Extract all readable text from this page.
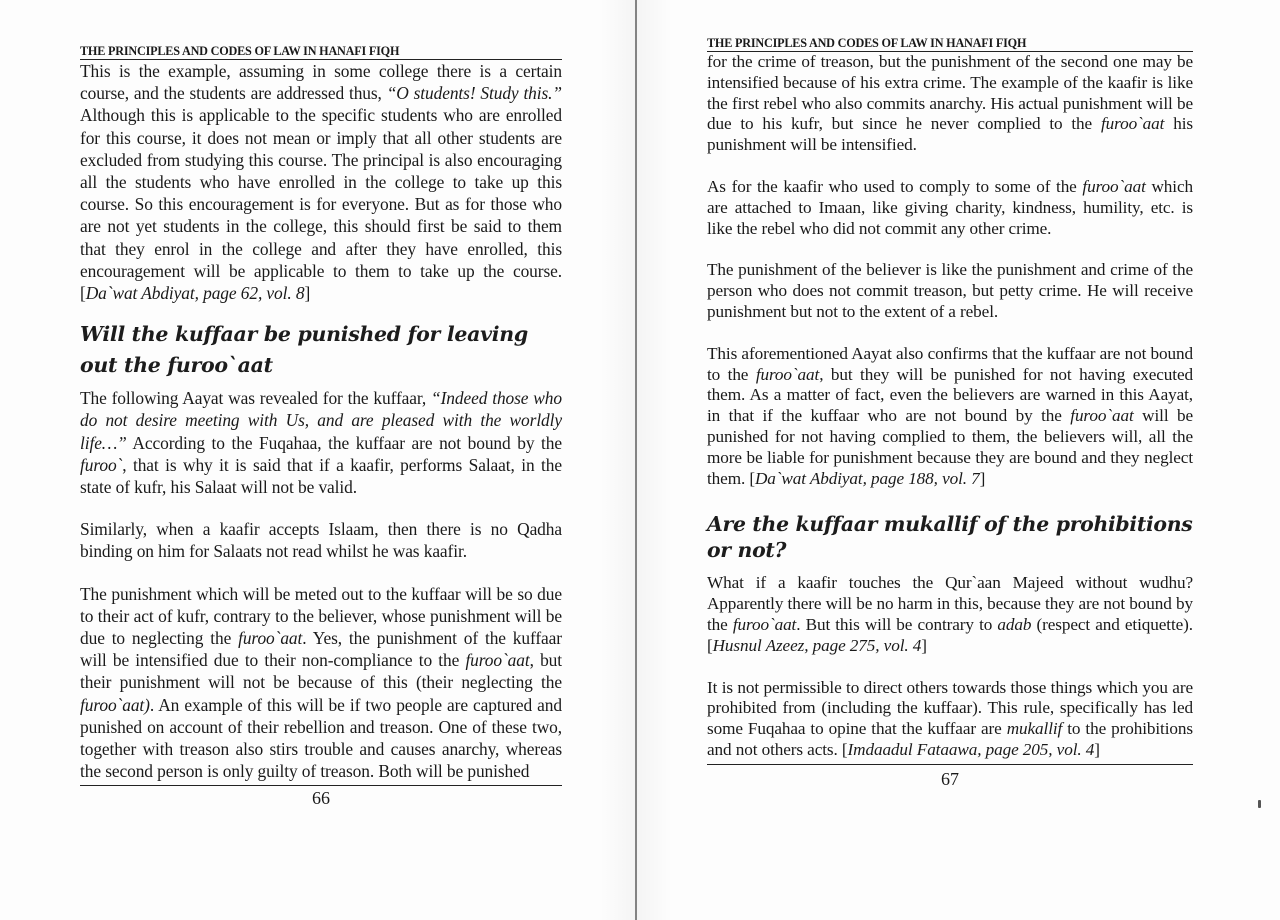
THE PRINCIPLES AND CODES OF LAW IN HANAFI FIQH

This is the example, assuming in some college there is a certain course, and the students are addressed thus, “O students! Study this.” Although this is applicable to the specific students who are enrolled for this course, it does not mean or imply that all other students are excluded from studying this course. The principal is also encouraging all the students who have enrolled in the college to take up this course. So this encouragement is for everyone. But as for those who are not yet students in the college, this should first be said to them that they enrol in the college and after they have enrolled, this encouragement will be applicable to them to take up the course. [Da`wat Abdiyat, page 62, vol. 8]

Will the kuffaar be punished for leaving out the furoo`aat

The following Aayat was revealed for the kuffaar, “Indeed those who do not desire meeting with Us, and are pleased with the worldly life…” According to the Fuqahaa, the kuffaar are not bound by the furoo`, that is why it is said that if a kaafir, performs Salaat, in the state of kufr, his Salaat will not be valid.

Similarly, when a kaafir accepts Islaam, then there is no Qadha binding on him for Salaats not read whilst he was kaafir.

The punishment which will be meted out to the kuffaar will be so due to their act of kufr, contrary to the believer, whose punishment will be due to neglecting the furoo`aat. Yes, the punishment of the kuffaar will be intensified due to their non-compliance to the furoo`aat, but their punishment will not be because of this (their neglecting the furoo`aat). An example of this will be if two people are captured and punished on account of their rebellion and treason. One of these two, together with treason also stirs trouble and causes anarchy, whereas the second person is only guilty of treason. Both will be punished

66
THE PRINCIPLES AND CODES OF LAW IN HANAFI FIQH

for the crime of treason, but the punishment of the second one may be intensified because of his extra crime. The example of the kaafir is like the first rebel who also commits anarchy. His actual punishment will be due to his kufr, but since he never complied to the furoo`aat his punishment will be intensified.

As for the kaafir who used to comply to some of the furoo`aat which are attached to Imaan, like giving charity, kindness, humility, etc. is like the rebel who did not commit any other crime.

The punishment of the believer is like the punishment and crime of the person who does not commit treason, but petty crime. He will receive punishment but not to the extent of a rebel.

This aforementioned Aayat also confirms that the kuffaar are not bound to the furoo`aat, but they will be punished for not having executed them. As a matter of fact, even the believers are warned in this Aayat, in that if the kuffaar who are not bound by the furoo`aat will be punished for not having complied to them, the believers will, all the more be liable for punishment because they are bound and they neglect them. [Da`wat Abdiyat, page 188, vol. 7]

Are the kuffaar mukallif of the prohibitions or not?

What if a kaafir touches the Qur`aan Majeed without wudhu? Apparently there will be no harm in this, because they are not bound by the furoo`aat. But this will be contrary to adab (respect and etiquette). [Husnul Azeez, page 275, vol. 4]

It is not permissible to direct others towards those things which you are prohibited from (including the kuffaar). This rule, specifically has led some Fuqahaa to opine that the kuffaar are mukallif to the prohibitions and not others acts. [Imdaadul Fataawa, page 205, vol. 4]

67
